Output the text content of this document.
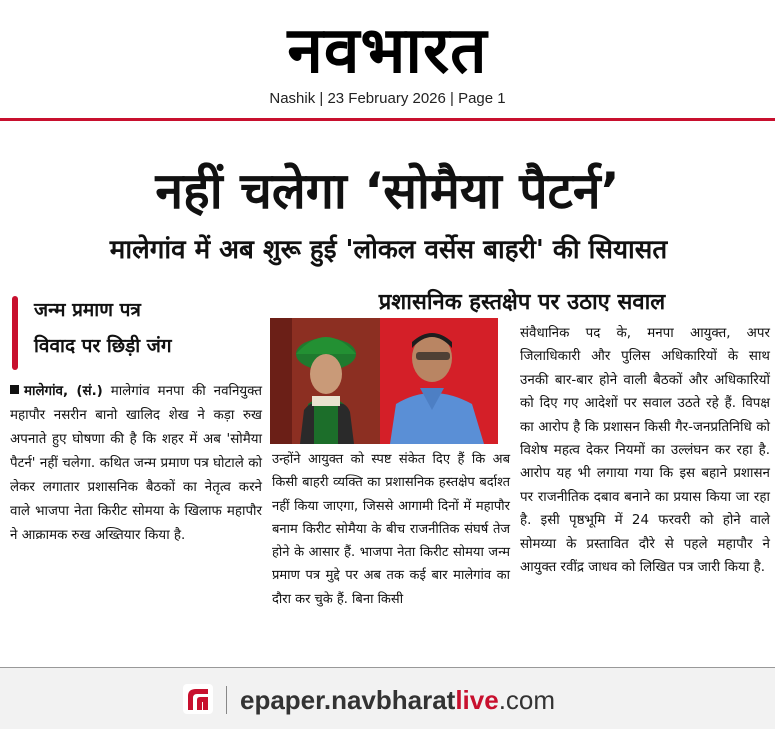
नवभारत
Nashik | 23 February 2026 | Page 1
नहीं चलेगा ‘सोमैया पैटर्न’
मालेगांव में अब शुरू हुई 'लोकल वर्सेस बाहरी' की सियासत
जन्म प्रमाण पत्र
विवाद पर छिड़ी जंग
प्रशासनिक हस्तक्षेप पर उठाए सवाल
मालेगांव, (सं.) मालेगांव मनपा की नवनियुक्त महापौर नसरीन बानो खालिद शेख ने कड़ा रुख अपनाते हुए घोषणा की है कि शहर में अब 'सोमैया पैटर्न' नहीं चलेगा. कथित जन्म प्रमाण पत्र घोटाले को लेकर लगातार प्रशासनिक बैठकों का नेतृत्व करने वाले भाजपा नेता किरीट सोमया के खिलाफ महापौर ने आक्रामक रुख अख्तियार किया है.
उन्होंने आयुक्त को स्पष्ट संकेत दिए हैं कि अब किसी बाहरी व्यक्ति का प्रशासनिक हस्तक्षेप बर्दाश्त नहीं किया जाएगा, जिससे आगामी दिनों में महापौर बनाम किरीट सोमैया के बीच राजनीतिक संघर्ष तेज होने के आसार हैं. भाजपा नेता किरीट सोमया जन्म प्रमाण पत्र मुद्दे पर अब तक कई बार मालेगांव का दौरा कर चुके हैं. बिना किसी
संवैधानिक पद के, मनपा आयुक्त, अपर जिलाधिकारी और पुलिस अधिकारियों के साथ उनकी बार-बार होने वाली बैठकों और अधिकारियों को दिए गए आदेशों पर सवाल उठते रहे हैं. विपक्ष का आरोप है कि प्रशासन किसी गैर-जनप्रतिनिधि को विशेष महत्व देकर नियमों का उल्लंघन कर रहा है. आरोप यह भी लगाया गया कि इस बहाने प्रशासन पर राजनीतिक दबाव बनाने का प्रयास किया जा रहा है. इसी पृष्ठभूमि में 24 फरवरी को होने वाले सोमय्या के प्रस्तावित दौरे से पहले महापौर ने आयुक्त रवींद्र जाधव को लिखित पत्र जारी किया है.
epaper.navbharatlive.com
